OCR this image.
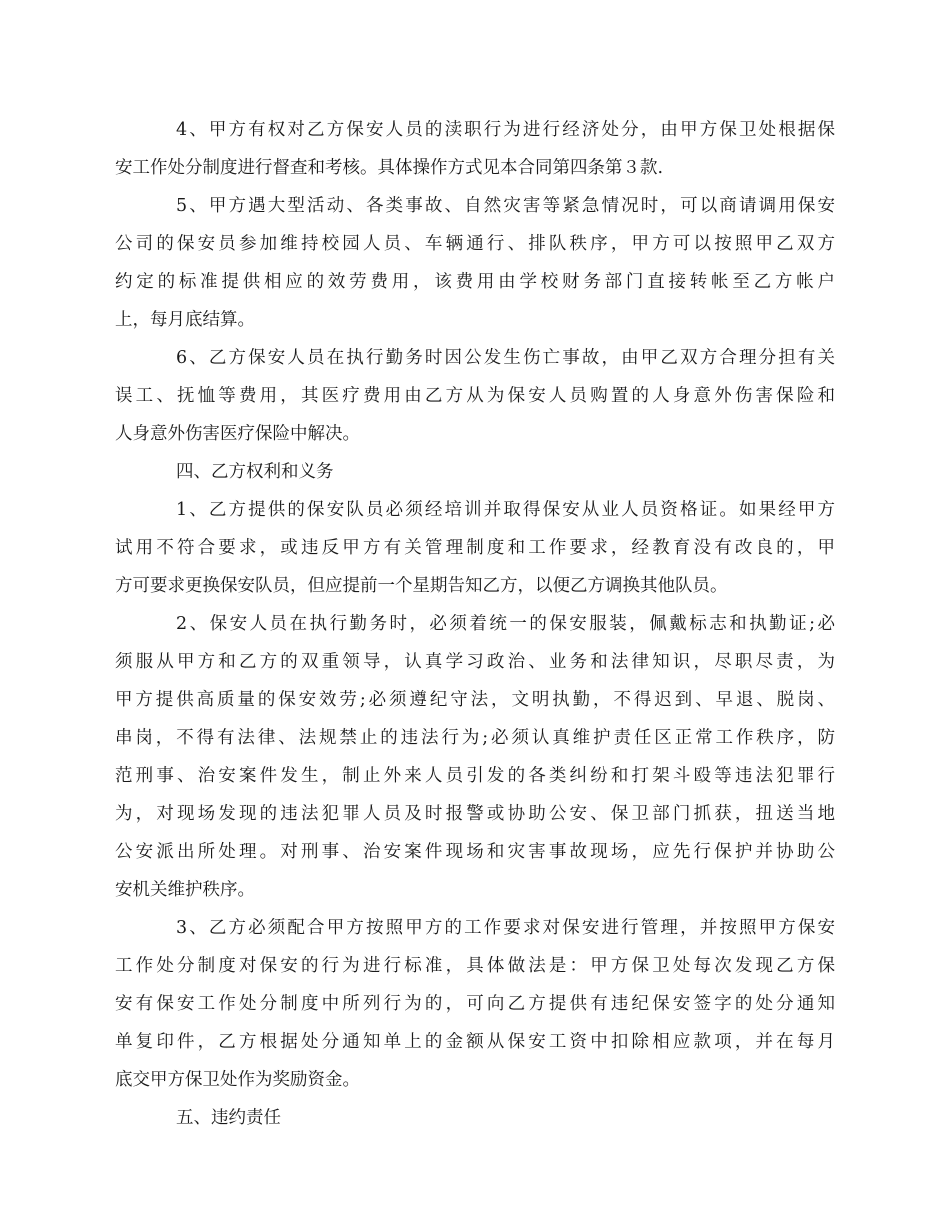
4、甲方有权对乙方保安人员的渎职行为进行经济处分，由甲方保卫处根据保
安工作处分制度进行督查和考核。具体操作方式见本合同第四条第３款.
5、甲方遇大型活动、各类事故、自然灾害等紧急情况时，可以商请调用保安
公司的保安员参加维持校园人员、车辆通行、排队秩序，甲方可以按照甲乙双方
约定的标准提供相应的效劳费用，该费用由学校财务部门直接转帐至乙方帐户
上，每月底结算。
6、乙方保安人员在执行勤务时因公发生伤亡事故，由甲乙双方合理分担有关
误工、抚恤等费用，其医疗费用由乙方从为保安人员购置的人身意外伤害保险和
人身意外伤害医疗保险中解决。
四、乙方权利和义务
1、乙方提供的保安队员必须经培训并取得保安从业人员资格证。如果经甲方
试用不符合要求，或违反甲方有关管理制度和工作要求，经教育没有改良的，甲
方可要求更换保安队员，但应提前一个星期告知乙方，以便乙方调换其他队员。
2、保安人员在执行勤务时，必须着统一的保安服装，佩戴标志和执勤证;必
须服从甲方和乙方的双重领导，认真学习政治、业务和法律知识，尽职尽责，为
甲方提供高质量的保安效劳;必须遵纪守法，文明执勤，不得迟到、早退、脱岗、
串岗，不得有法律、法规禁止的违法行为;必须认真维护责任区正常工作秩序，防
范刑事、治安案件发生，制止外来人员引发的各类纠纷和打架斗殴等违法犯罪行
为，对现场发现的违法犯罪人员及时报警或协助公安、保卫部门抓获，扭送当地
公安派出所处理。对刑事、治安案件现场和灾害事故现场，应先行保护并协助公
安机关维护秩序。
3、乙方必须配合甲方按照甲方的工作要求对保安进行管理，并按照甲方保安
工作处分制度对保安的行为进行标准，具体做法是：甲方保卫处每次发现乙方保
安有保安工作处分制度中所列行为的，可向乙方提供有违纪保安签字的处分通知
单复印件，乙方根据处分通知单上的金额从保安工资中扣除相应款项，并在每月
底交甲方保卫处作为奖励资金。
五、违约责任
